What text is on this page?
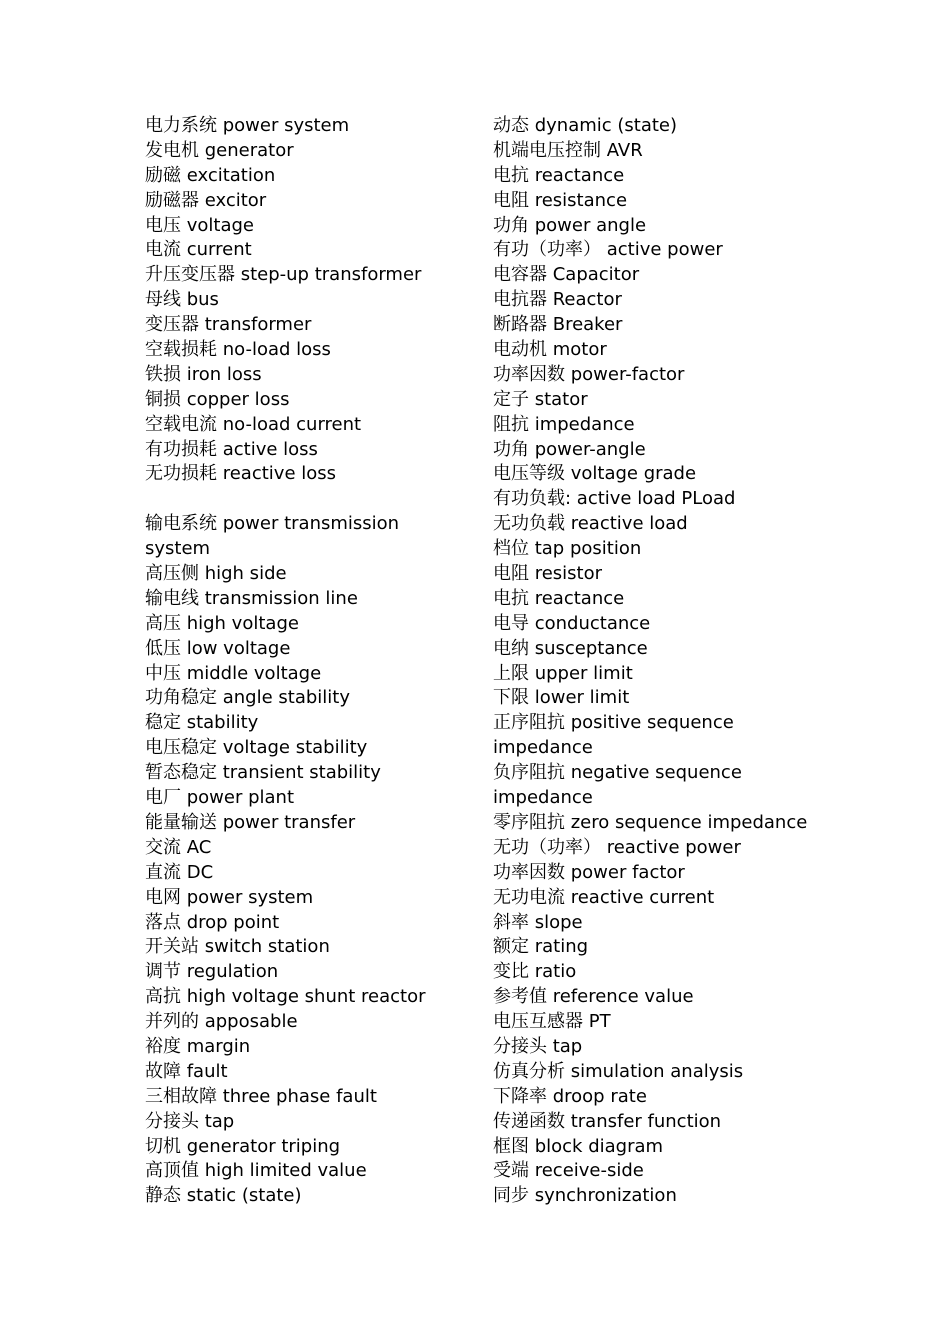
电力系统 power system
发电机 generator
励磁 excitation
励磁器 excitor
电压 voltage
电流 current
升压变压器 step-up transformer
母线 bus
变压器 transformer
空载损耗 no-load loss
铁损 iron loss
铜损 copper loss
空载电流 no-load current
有功损耗 active loss
无功损耗 reactive loss
输电系统 power transmission
system
高压侧 high side
输电线 transmission line
高压 high voltage
低压 low voltage
中压 middle voltage
功角稳定 angle stability
稳定 stability
电压稳定 voltage stability
暂态稳定 transient stability
电厂 power plant
能量输送 power transfer
交流 AC
直流 DC
电网 power system
落点 drop point
开关站 switch station
调节 regulation
高抗 high voltage shunt reactor
并列的 apposable
裕度 margin
故障 fault
三相故障 three phase fault
分接头 tap
切机 generator triping
高顶值 high limited value
静态 static (state)
动态 dynamic (state)
机端电压控制 AVR
电抗 reactance
电阻 resistance
功角 power angle
有功（功率） active power
电容器 Capacitor
电抗器 Reactor
断路器 Breaker
电动机 motor
功率因数 power-factor
定子 stator
阻抗 impedance
功角 power-angle
电压等级 voltage grade
有功负载: active load PLoad
无功负载 reactive load
档位 tap position
电阻 resistor
电抗 reactance
电导 conductance
电纳 susceptance
上限 upper limit
下限 lower limit
正序阻抗 positive sequence
impedance
负序阻抗 negative sequence
impedance
零序阻抗 zero sequence impedance
无功（功率） reactive power
功率因数 power factor
无功电流 reactive current
斜率 slope
额定 rating
变比 ratio
参考值 reference value
电压互感器 PT
分接头 tap
仿真分析 simulation analysis
下降率 droop rate
传递函数 transfer function
框图 block diagram
受端 receive-side
同步 synchronization
